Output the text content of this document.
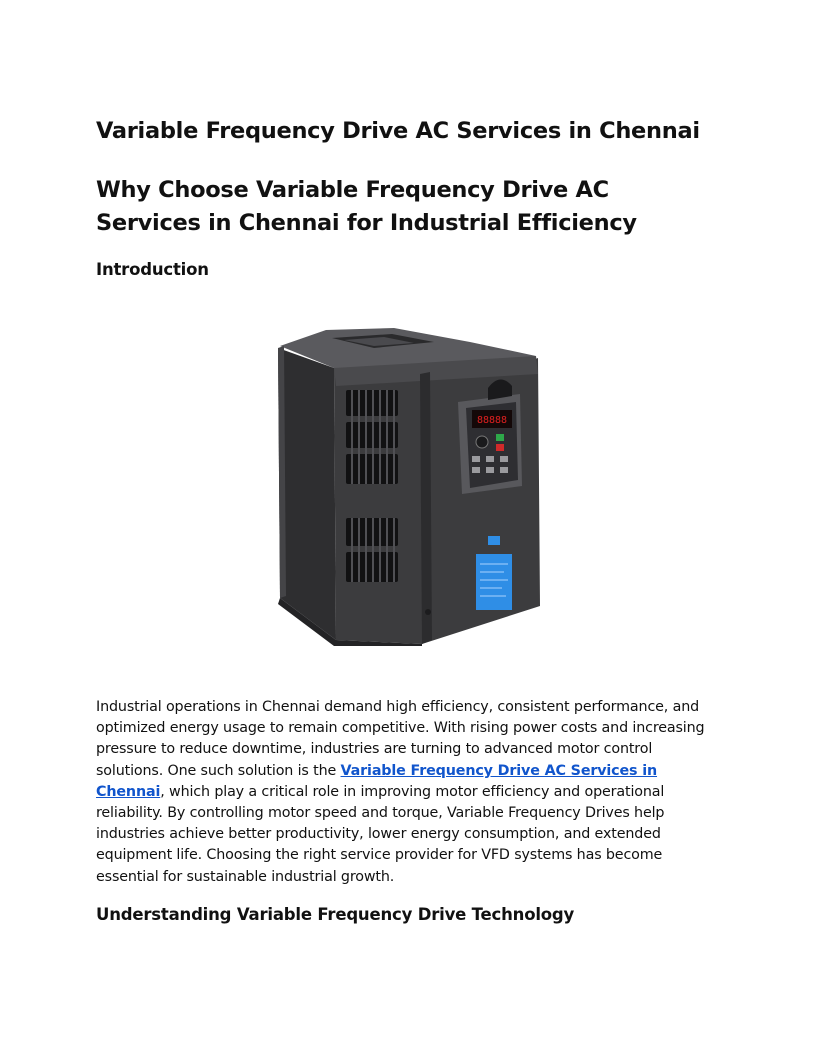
Variable Frequency Drive AC Services in Chennai
Why Choose Variable Frequency Drive AC Services in Chennai for Industrial Efficiency
Introduction
88888

Industrial operations in Chennai demand high efficiency, consistent performance, and optimized energy usage to remain competitive. With rising power costs and increasing pressure to reduce downtime, industries are turning to advanced motor control solutions. One such solution is the Variable Frequency Drive AC Services in Chennai, which play a critical role in improving motor efficiency and operational reliability. By controlling motor speed and torque, Variable Frequency Drives help industries achieve better productivity, lower energy consumption, and extended equipment life. Choosing the right service provider for VFD systems has become essential for sustainable industrial growth.

Understanding Variable Frequency Drive Technology
